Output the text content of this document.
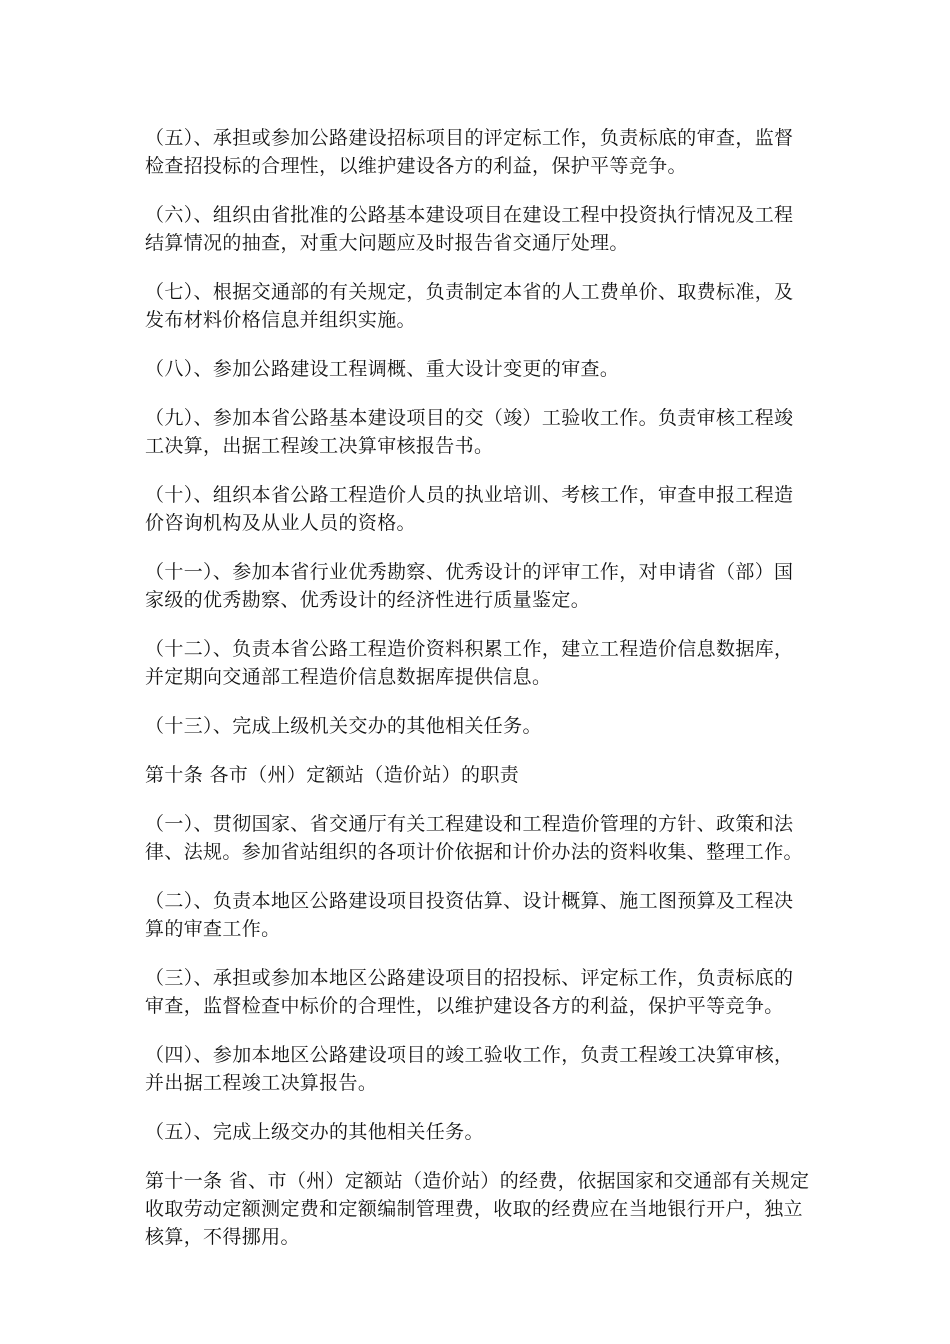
（五）、承担或参加公路建设招标项目的评定标工作，负责标底的审查，监督
检查招投标的合理性，以维护建设各方的利益，保护平等竞争。

（六）、组织由省批准的公路基本建设项目在建设工程中投资执行情况及工程
结算情况的抽查，对重大问题应及时报告省交通厅处理。

（七）、根据交通部的有关规定，负责制定本省的人工费单价、取费标准，及
发布材料价格信息并组织实施。

（八）、参加公路建设工程调概、重大设计变更的审查。

（九）、参加本省公路基本建设项目的交（竣）工验收工作。负责审核工程竣
工决算，出据工程竣工决算审核报告书。

（十）、组织本省公路工程造价人员的执业培训、考核工作，审查申报工程造
价咨询机构及从业人员的资格。

（十一）、参加本省行业优秀勘察、优秀设计的评审工作，对申请省（部）国
家级的优秀勘察、优秀设计的经济性进行质量鉴定。

（十二）、负责本省公路工程造价资料积累工作，建立工程造价信息数据库，
并定期向交通部工程造价信息数据库提供信息。

（十三）、完成上级机关交办的其他相关任务。

第十条 各市（州）定额站（造价站）的职责

（一）、贯彻国家、省交通厅有关工程建设和工程造价管理的方针、政策和法
律、法规。参加省站组织的各项计价依据和计价办法的资料收集、整理工作。

（二）、负责本地区公路建设项目投资估算、设计概算、施工图预算及工程决
算的审查工作。

（三）、承担或参加本地区公路建设项目的招投标、评定标工作，负责标底的
审查，监督检查中标价的合理性，以维护建设各方的利益，保护平等竞争。

（四）、参加本地区公路建设项目的竣工验收工作，负责工程竣工决算审核，
并出据工程竣工决算报告。

（五）、完成上级交办的其他相关任务。

第十一条 省、市（州）定额站（造价站）的经费，依据国家和交通部有关规定
收取劳动定额测定费和定额编制管理费，收取的经费应在当地银行开户，独立
核算，不得挪用。
